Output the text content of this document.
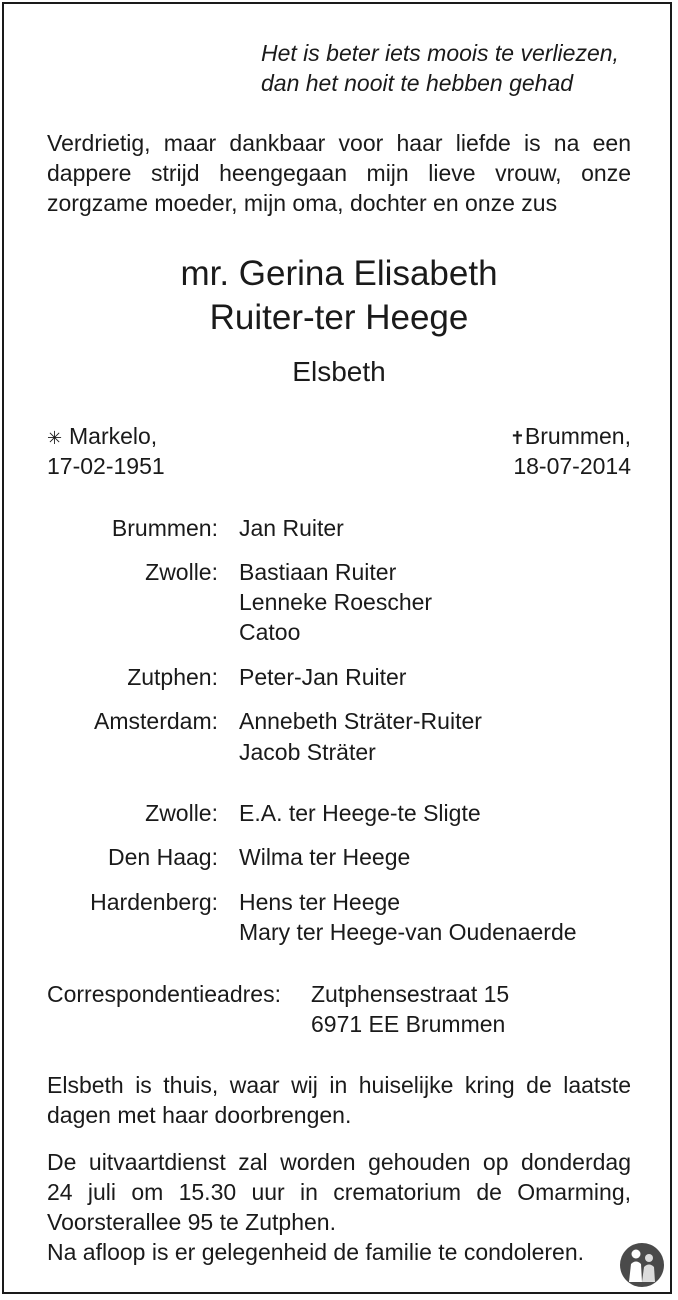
Het is beter iets moois te verliezen,
dan het nooit te hebben gehad
Verdrietig, maar dankbaar voor haar liefde is na een
dappere strijd heengegaan mijn lieve vrouw, onze
zorgzame moeder, mijn oma, dochter en onze zus
mr. Gerina Elisabeth
Ruiter-ter Heege
Elsbeth
✳ Markelo,
17-02-1951
✝Brummen,
18-07-2014
Brummen: Jan Ruiter
Zwolle: Bastiaan Ruiter
Lenneke Roescher
Catoo
Zutphen: Peter-Jan Ruiter
Amsterdam: Annebeth Sträter-Ruiter
Jacob Sträter
Zwolle: E.A. ter Heege-te Sligte
Den Haag: Wilma ter Heege
Hardenberg: Hens ter Heege
Mary ter Heege-van Oudenaerde
Correspondentieadres: Zutphensestraat 15
6971 EE Brummen
Elsbeth is thuis, waar wij in huiselijke kring de laatste
dagen met haar doorbrengen.
De uitvaartdienst zal worden gehouden op donderdag
24 juli om 15.30 uur in crematorium de Omarming,
Voorsterallee 95 te Zutphen.
Na afloop is er gelegenheid de familie te condoleren.
